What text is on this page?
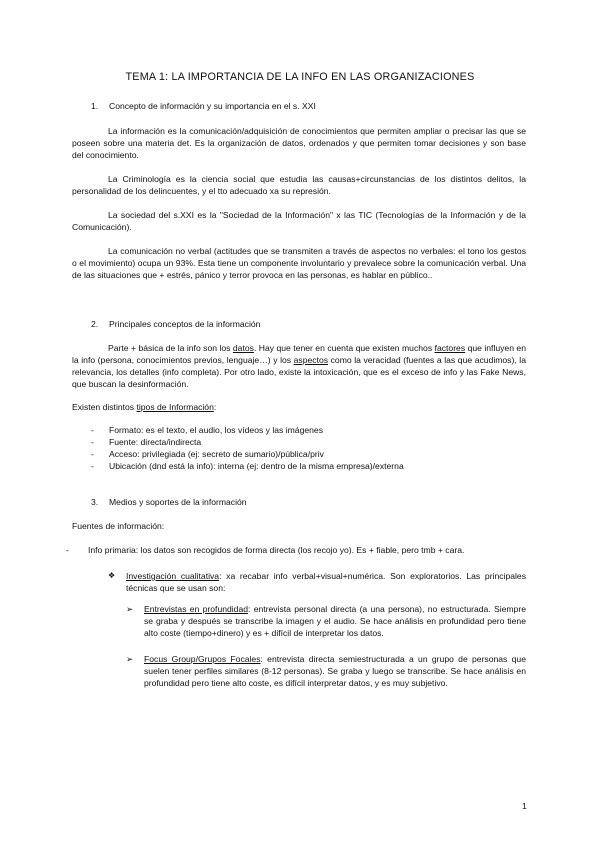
TEMA 1: LA IMPORTANCIA DE LA INFO EN LAS ORGANIZACIONES
1. Concepto de información y su importancia en el s. XXI

La información es la comunicación/adquisición de conocimientos que permiten ampliar o precisar las que se poseen sobre una materia det. Es la organización de datos, ordenados y que permiten tomar decisiones y son base del conocimiento.

La Criminología es la ciencia social que estudia las causas+circunstancias de los distintos delitos, la personalidad de los delincuentes, y el tto adecuado xa su represión.

La sociedad del s.XXI es la "Sociedad de la Información" x las TIC (Tecnologías de la Información y de la Comunicación).

La comunicación no verbal (actitudes que se transmiten a través de aspectos no verbales: el tono los gestos o el movimiento) ocupa un 93%. Esta tiene un componente involuntario y prevalece sobre la comunicación verbal. Una de las situaciones que + estrés, pánico y terror provoca en las personas, es hablar en público..

2. Principales conceptos de la información

Parte + básica de la info son los datos. Hay que tener en cuenta que existen muchos factores que influyen en la info (persona, conocimientos previos, lenguaje…) y los aspectos como la veracidad (fuentes a las que acudimos), la relevancia, los detalles (info completa). Por otro lado, existe la intoxicación, que es el exceso de info y las Fake News, que buscan la desinformación.

Existen distintos tipos de Información:
- Formato: es el texto, el audio, los vídeos y las imágenes
- Fuente: directa/indirecta
- Acceso: privilegiada (ej: secreto de sumario)/pública/priv
- Ubicación (dnd está la info): interna (ej: dentro de la misma empresa)/externa
3. Medios y soportes de la información
Fuentes de información:
- Info primaria: los datos son recogidos de forma directa (los recojo yo). Es + fiable, pero tmb + cara.
❖	Investigación cualitativa: xa recabar info verbal+visual+numérica. Son exploratorios. Las principales técnicas que se usan son:

➢	Entrevistas en profundidad: entrevista personal directa (a una persona), no estructurada. Siempre se graba y después se transcribe la imagen y el audio. Se hace análisis en profundidad pero tiene alto coste (tiempo+dinero) y es + difícil de interpretar los datos.

➢	Focus Group/Grupos Focales: entrevista directa semiestructurada a un grupo de personas que suelen tener perfiles similares (8-12 personas). Se graba y luego se transcribe. Se hace análisis en profundidad pero tiene alto coste, es difícil interpretar datos, y es muy subjetivo.

1
